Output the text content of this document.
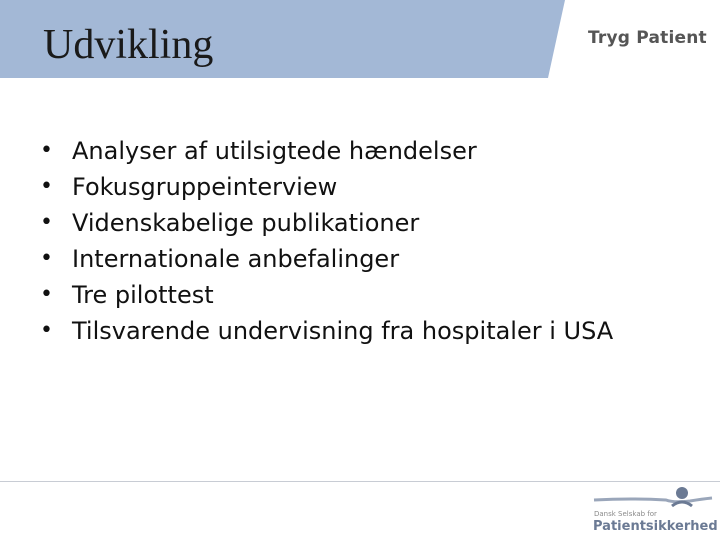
Udvikling	Tryg Patient
• Analyser af utilsigtede hændelser
• Fokusgruppeinterview
• Videnskabelige publikationer
• Internationale anbefalinger
• Tre pilottest
• Tilsvarende undervisning fra hospitaler i USA
Dansk Selskab for
Patientsikkerhed
